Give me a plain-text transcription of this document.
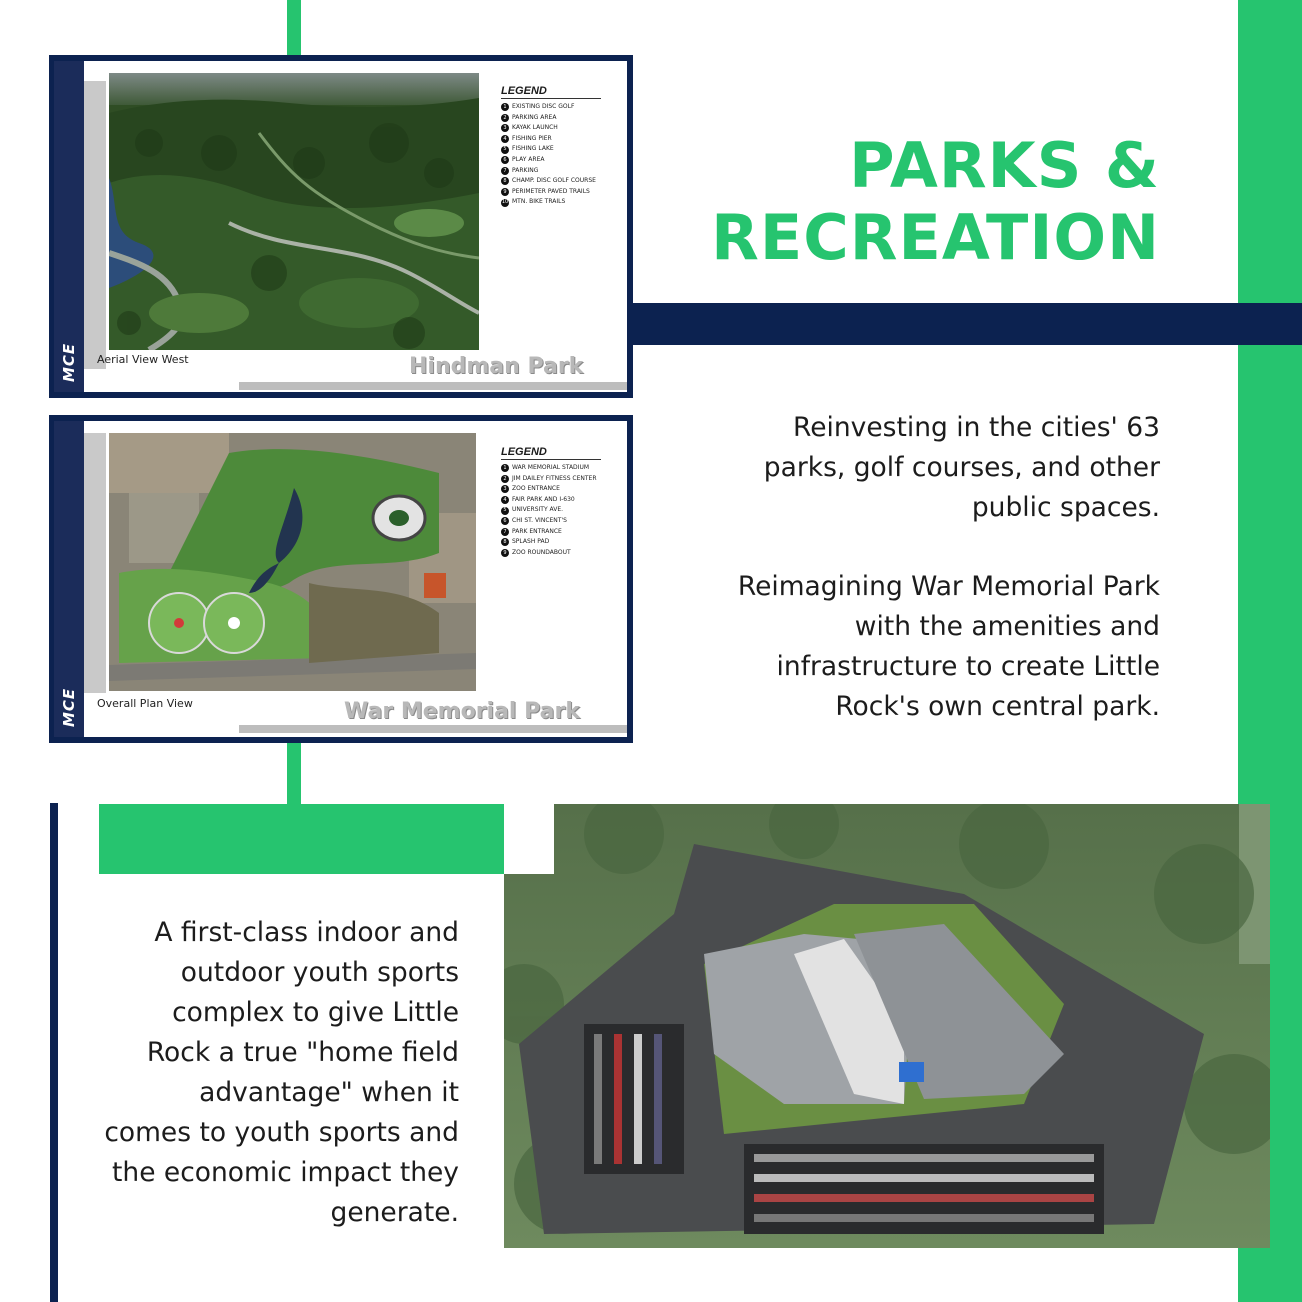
MCE
LEGEND
1 EXISTING DISC GOLF
2 PARKING AREA
3 KAYAK LAUNCH
4 FISHING PIER
5 FISHING LAKE
6 PLAY AREA
7 PARKING
8 CHAMP. DISC GOLF COURSE
9 PERIMETER PAVED TRAILS
10 MTN. BIKE TRAILS
Aerial View West	Hindman Park
MCE
LEGEND
1 WAR MEMORIAL STADIUM
2 JIM DAILEY FITNESS CENTER
3 ZOO ENTRANCE
4 FAIR PARK AND I-630
5 UNIVERSITY AVE.
6 CHI ST. VINCENT'S
7 PARK ENTRANCE
8 SPLASH PAD
9 ZOO ROUNDABOUT
Overall Plan View	War Memorial Park
PARKS &
RECREATION

Reinvesting in the cities' 63 parks, golf courses, and other public spaces.

Reimagining War Memorial Park with the amenities and infrastructure to create Little Rock's own central park.

A first-class indoor and outdoor youth sports complex to give Little Rock a true "home field advantage" when it comes to youth sports and the economic impact they generate.
